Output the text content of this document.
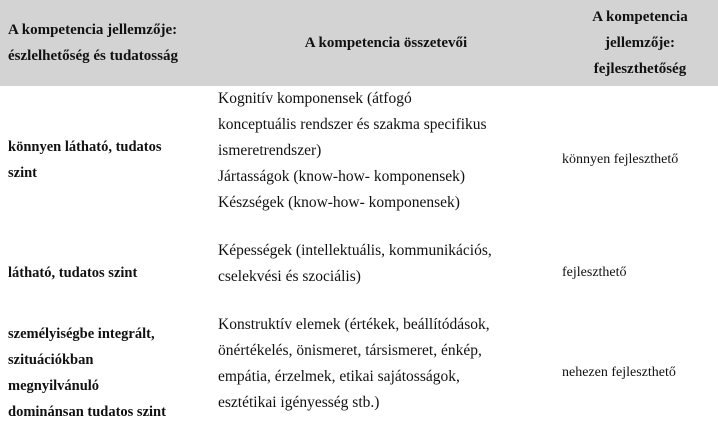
A kompetencia jellemzője:
észlelhetőség és tudatosság
A kompetencia összetevői
A kompetencia
jellemzője:
fejleszthetőség
könnyen látható, tudatos
szint

Kognitív komponensek (átfogó

konceptuális rendszer és szakma specifikus

ismeretrendszer)

Jártasságok (know-how- komponensek)

Készségek (know-how- komponensek)

könnyen fejleszthető
látható, tudatos szint

Képességek (intellektuális, kommunikációs,

cselekvési és szociális)	fejleszthető
személyiségbe integrált,
szituációkban
megnyilvánuló
dominánsan tudatos szint

Konstruktív elemek (értékek, beállítódások,

önértékelés, önismeret, társismeret, énkép,

empátia, érzelmek, etikai sajátosságok,

esztétikai igényesség stb.)

nehezen fejleszthető
